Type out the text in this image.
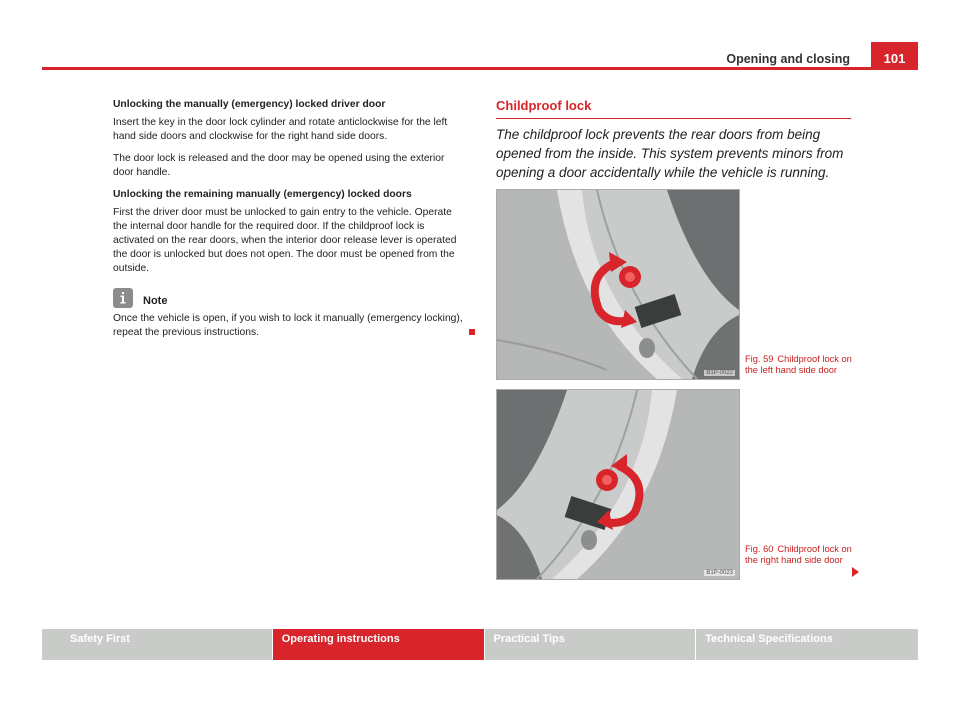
Opening and closing	101

Unlocking the manually (emergency) locked driver door

Insert the key in the door lock cylinder and rotate anticlockwise for the left hand side doors and clockwise for the right hand side doors.

The door lock is released and the door may be opened using the exterior door handle.

Unlocking the remaining manually (emergency) locked doors

First the driver door must be unlocked to gain entry to the vehicle. Operate the internal door handle for the required door. If the childproof lock is activated on the rear doors, when the interior door release lever is operated the door is unlocked but does not open. The door must be opened from the outside.

Note

Once the vehicle is open, if you wish to lock it manually (emergency locking), repeat the previous instructions.

Childproof lock
The childproof lock prevents the rear doors from being opened from the inside. This system prevents minors from opening a door accidentally while the vehicle is running.
B1P-0022
Fig. 59 Childproof lock on the left hand side door
B1P-0023
Fig. 60 Childproof lock on the right hand side door
Safety First	Operating instructions	Practical Tips	Technical Specifications
